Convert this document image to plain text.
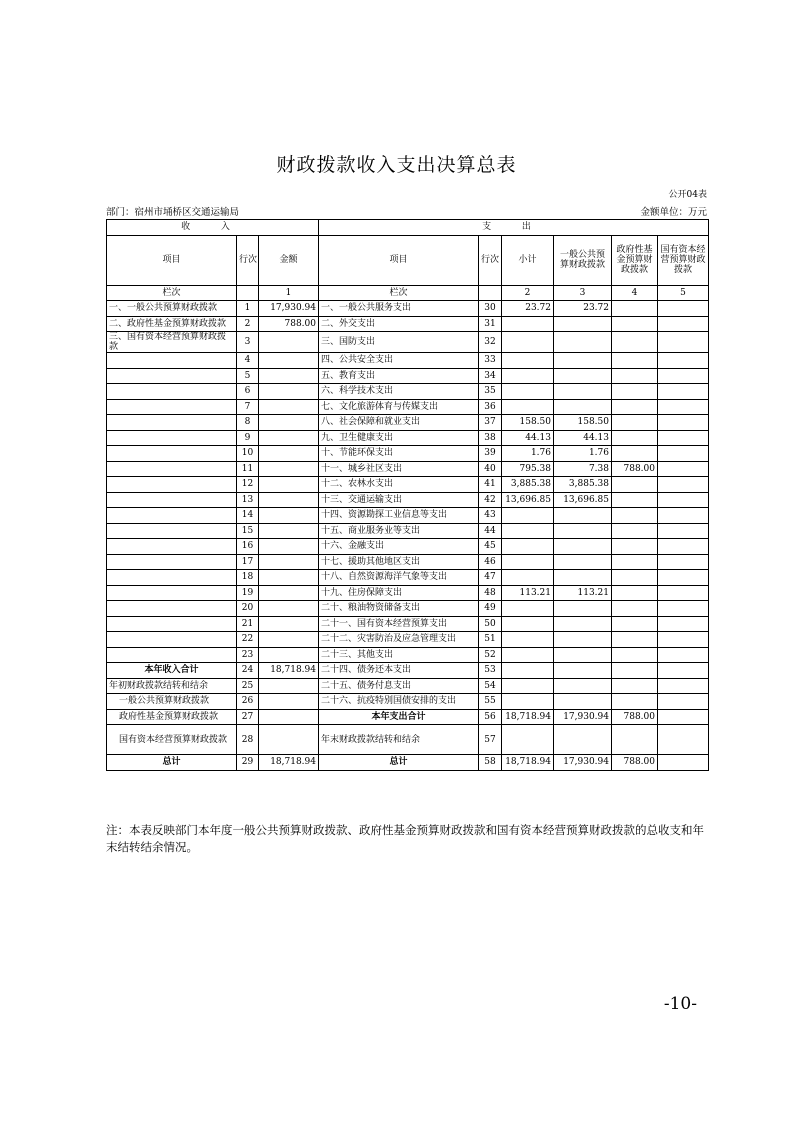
财政拨款收入支出决算总表
公开04表
部门：宿州市埇桥区交通运输局	金额单位：万元
收 入			支 出					
项目	行次	金额	项目	行次	小计	一般公共预算财政拨款	政府性基金预算财政拨款	国有资本经营预算财政拨款
栏次		1	栏次		2	3	4	5
一、一般公共预算财政拨款	1	17,930.94	一、一般公共服务支出	30	23.72	23.72		
二、政府性基金预算财政拨款	2	788.00	二、外交支出	31				
三、国有资本经营预算财政拨款	3		三、国防支出	32				
	4		四、公共安全支出	33				
	5		五、教育支出	34				
	6		六、科学技术支出	35				
	7		七、文化旅游体育与传媒支出	36				
	8		八、社会保障和就业支出	37	158.50	158.50		
	9		九、卫生健康支出	38	44.13	44.13		
	10		十、节能环保支出	39	1.76	1.76		
	11		十一、城乡社区支出	40	795.38	7.38	788.00	
	12		十二、农林水支出	41	3,885.38	3,885.38		
	13		十三、交通运输支出	42	13,696.85	13,696.85		
	14		十四、资源勘探工业信息等支出	43				
	15		十五、商业服务业等支出	44				
	16		十六、金融支出	45				
	17		十七、援助其他地区支出	46				
	18		十八、自然资源海洋气象等支出	47				
	19		十九、住房保障支出	48	113.21	113.21		
	20		二十、粮油物资储备支出	49				
	21		二十一、国有资本经营预算支出	50				
	22		二十二、灾害防治及应急管理支出	51				
	23		二十三、其他支出	52				
本年收入合计	24	18,718.94	二十四、债务还本支出	53				
年初财政拨款结转和结余	25		二十五、债务付息支出	54				
一般公共预算财政拨款	26		二十六、抗疫特别国债安排的支出	55				
政府性基金预算财政拨款	27		本年支出合计	56	18,718.94	17,930.94	788.00	
国有资本经营预算财政拨款	28		年末财政拨款结转和结余	57				
总计	29	18,718.94	总计	58	18,718.94	17,930.94	788.00	
注：本表反映部门本年度一般公共预算财政拨款、政府性基金预算财政拨款和国有资本经营预算财政拨款的总收支和年末结转结余情况。
-10-
